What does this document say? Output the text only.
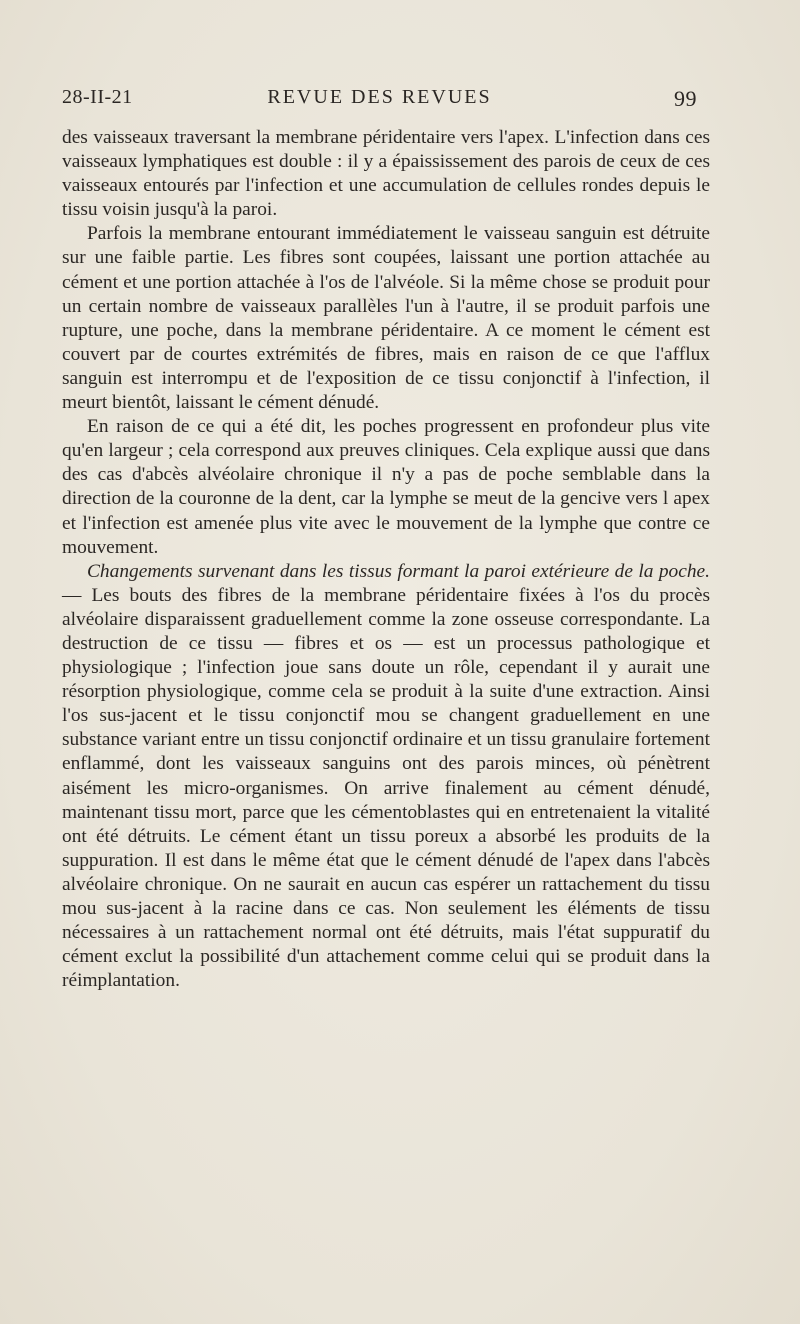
28-II-21	REVUE DES REVUES	99

des vaisseaux traversant la membrane péridentaire vers l'apex. L'infection dans ces vaisseaux lymphatiques est double : il y a épaississement des parois de ceux de ces vaisseaux entourés par l'infection et une accumulation de cellules rondes depuis le tissu voisin jusqu'à la paroi.

Parfois la membrane entourant immédiatement le vaisseau sanguin est détruite sur une faible partie. Les fibres sont coupées, laissant une portion attachée au cément et une portion attachée à l'os de l'alvéole. Si la même chose se produit pour un certain nombre de vaisseaux parallèles l'un à l'autre, il se produit parfois une rupture, une poche, dans la membrane péridentaire. A ce moment le cément est couvert par de courtes extrémités de fibres, mais en raison de ce que l'afflux sanguin est interrompu et de l'exposition de ce tissu conjonctif à l'infection, il meurt bientôt, laissant le cément dénudé.

En raison de ce qui a été dit, les poches progressent en profondeur plus vite qu'en largeur ; cela correspond aux preuves cliniques. Cela explique aussi que dans des cas d'abcès alvéolaire chronique il n'y a pas de poche semblable dans la direction de la couronne de la dent, car la lymphe se meut de la gencive vers l apex et l'infection est amenée plus vite avec le mouvement de la lymphe que contre ce mouvement.

Changements survenant dans les tissus formant la paroi extérieure de la poche. — Les bouts des fibres de la membrane péridentaire fixées à l'os du procès alvéolaire disparaissent graduellement comme la zone osseuse correspondante. La destruction de ce tissu — fibres et os — est un processus pathologique et physiologique ; l'infection joue sans doute un rôle, cependant il y aurait une résorption physiologique, comme cela se produit à la suite d'une extraction. Ainsi l'os sus-jacent et le tissu conjonctif mou se changent graduellement en une substance variant entre un tissu conjonctif ordinaire et un tissu granulaire fortement enflammé, dont les vaisseaux sanguins ont des parois minces, où pénètrent aisément les micro-organismes. On arrive finalement au cément dénudé, maintenant tissu mort, parce que les cémentoblastes qui en entretenaient la vitalité ont été détruits. Le cément étant un tissu poreux a absorbé les produits de la suppuration. Il est dans le même état que le cément dénudé de l'apex dans l'abcès alvéolaire chronique. On ne saurait en aucun cas espérer un rattachement du tissu mou sus-jacent à la racine dans ce cas. Non seulement les éléments de tissu nécessaires à un rattachement normal ont été détruits, mais l'état suppuratif du cément exclut la possibilité d'un attachement comme celui qui se produit dans la réimplantation.
